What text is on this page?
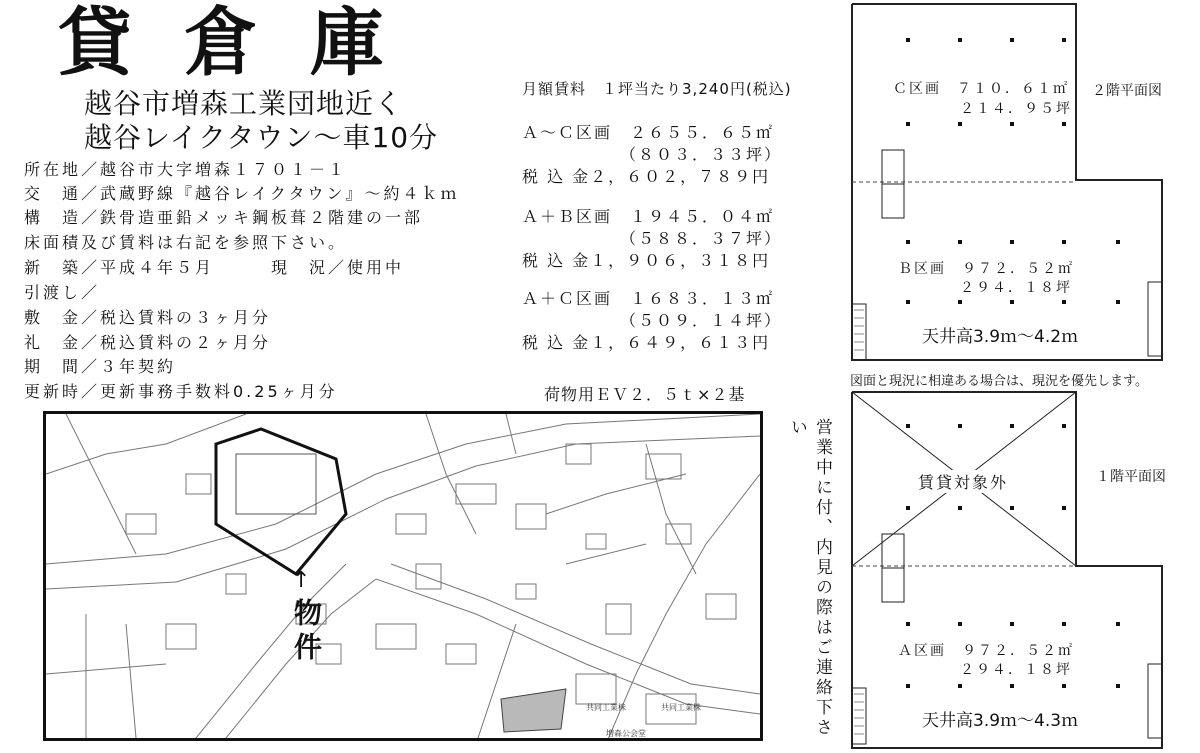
貸倉庫
越谷市増森工業団地近く
越谷レイクタウン～車10分
所在地／越谷市大字増森１７０１－１
交　通／武蔵野線『越谷レイクタウン』～約４ｋｍ
構　造／鉄骨造亜鉛メッキ鋼板葺２階建の一部
床面積及び賃料は右記を参照下さい。
新　築／平成４年５月　　　現　況／使用中
引渡し／
敷　金／税込賃料の３ヶ月分
礼　金／税込賃料の２ヶ月分
期　間／３年契約
更新時／更新事務手数料0.25ヶ月分
月額賃料　１坪当たり3,240円(税込)
Ａ～Ｃ区画　２６５５．６５㎡
（８０３．３３坪）
税 込 金２，６０２，７８９円
Ａ＋Ｂ区画　１９４５．０４㎡
（５８８．３７坪）
税 込 金１，９０６，３１８円
Ａ＋Ｃ区画　１６８３．１３㎡
（５０９．１４坪）
税 込 金１，６４９，６１３円
荷物用ＥＶ２．５ｔ×２基
共同工業株	共同工業株
増森公会堂
↑
物件	営業中に付、内見の際はご連絡下さい
Ｃ区画　７１０．６１㎡
２１４．９５坪
２階平面図
Ｂ区画　９７２．５２㎡
２９４．１８坪
天井高3.9ｍ～4.2ｍ
図面と現況に相違ある場合は、現況を優先します。
賃貸対象外	１階平面図
Ａ区画　９７２．５２㎡
２９４．１８坪
天井高3.9ｍ～4.3ｍ
